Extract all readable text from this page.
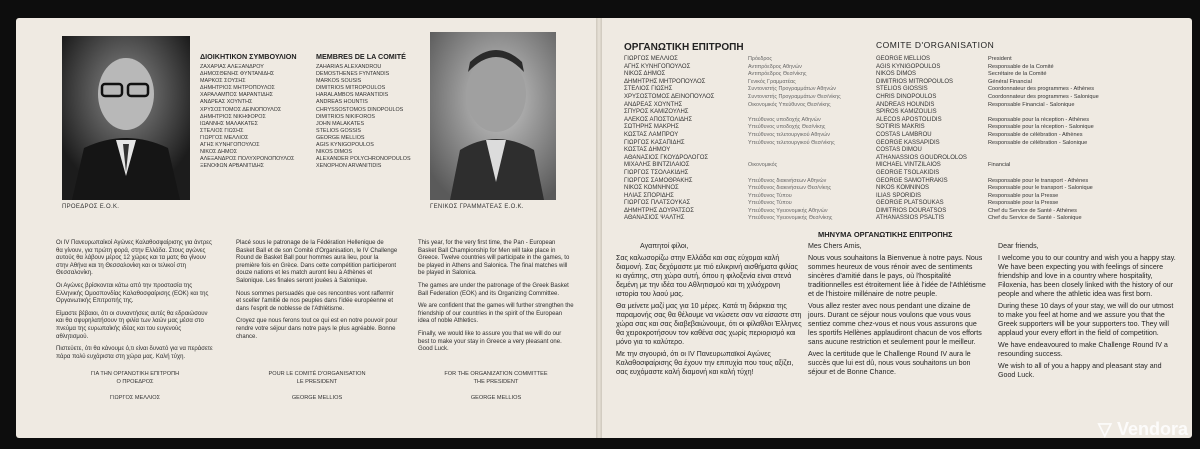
ΠΡΟΕΔΡΟΣ Ε.Ο.Κ.
ΔΙΟΙΚΗΤΙΚΟΝ ΣΥΜΒΟΥΛΙΟΝ
ΖΑΧΑΡΙΑΣ ΑΛΕΞΑΝΔΡΟΥ
ΔΗΜΟΣΘΕΝΗΣ ΦΥΝΤΑΝΙΔΗΣ
ΜΑΡΚΟΣ ΣΟΥΣΗΣ
ΔΗΜΗΤΡΙΟΣ ΜΗΤΡΟΠΟΥΛΟΣ
ΧΑΡΑΛΑΜΠΟΣ ΜΑΡΑΝΤΙΔΗΣ
ΑΝΔΡΕΑΣ ΧΟΥΝΤΗΣ
ΧΡΥΣΟΣΤΟΜΟΣ ΔΕΙΝΟΠΟΥΛΟΣ
ΔΗΜΗΤΡΙΟΣ ΝΙΚΗΦΟΡΟΣ
ΙΩΑΝΝΗΣ ΜΑΛΑΚΑΤΕΣ
ΣΤΕΛΙΟΣ ΓΙΩΣΗΣ
ΓΙΩΡΓΟΣ ΜΕΛΛΙΟΣ
ΑΓΗΣ ΚΥΝΗΓΟΠΟΥΛΟΣ
ΝΙΚΟΣ ΔΗΜΟΣ
ΑΛΕΞΑΝΔΡΟΣ ΠΟΛΥΧΡΟΝΟΠΟΥΛΟΣ
ΞΕΝΟΦΩΝ ΑΡΒΑΝΙΤΙΔΗΣ
MEMBRES DE LA COMITÉ
ZAHARIAS ALEXANDROU
DEMOSTHENES FYNTANDIS
MARKOS SOUSIS
DIMITRIOS MITROPOULOS
HARALAMBOS MARANTIDIS
ANDREAS HOUNTIS
CHRYSSOSTOMOS DINOPOULOS
DIMITRIOS NIKIFOROS
JOHN MALAKATES
STELIOS GOSSIS
GEORGE MELLIOS
AGIS KYNIGOPOULOS
NIKOS DIMOS
ALEXANDER POLYCHRONOPOULOS
XENOPHON ARVANITIDIS
ΓΕΝΙΚΟΣ ΓΡΑΜΜΑΤΕΑΣ Ε.Ο.Κ.

Οι IV Πανευρωπαϊκοί Αγώνες Καλαθοσφαίρισης για άντρες θα γίνουν, για πρώτη φορά, στην Ελλάδα. Στους αγώνες αυτούς θα λάβουν μέρος 12 χώρες και τα ματς θα γίνουν στην Αθήνα και τη Θεσσαλονίκη και οι τελικοί στη Θεσσαλονίκη.

Οι Αγώνες βρίσκονται κάτω από την προστασία της Ελληνικής Ομοσπονδίας Καλαθοσφαίρισης (ΕΟΚ) και της Οργανωτικής Επιτροπής της.

Είμαστε βέβαιοι, ότι οι συναντήσεις αυτές θα εδραιώσουν και θα σφυρηλατήσουν τη φιλία των λαών μας μέσα στο πνεύμα της ευρωπαϊκής ιδέας και του ευγενούς αθλητισμού.

Πιστεύετε, ότι θα κάνουμε ό,τι είναι δυνατό για να περάσετε πάρα πολύ ευχάριστα στη χώρα μας. Καλή τύχη.

Placé sous le patronage de la Fédération Hellenique de Basket Ball et de son Comité d'Organisation, le IV Challenge Round de Basket Ball pour hommes aura lieu, pour la première fois en Grèce. Dans cette compétition participeront douze nations et les match auront lieu à Athènes et Salonique. Les finales seront jouées à Salonique.

Nous sommes persuadés que ces rencontres vont raffermir et sceller l'amitié de nos peuples dans l'idée européenne et dans l'esprit de noblesse de l'Athlétisme.

Croyez que nous ferons tout ce qui est en notre pouvoir pour rendre votre séjour dans notre pays le plus agréable. Bonne chance.

This year, for the very first time, the Pan - European Basket Ball Championship for Men will take place in Greece. Twelve countries will participate in the games, to be played in Athens and Salonica. The final matches will be played in Salonica.

The games are under the patronage of the Greek Basket Ball Federation (EOK) and its Organizing Committee.

We are confident that the games will further strengthen the friendship of our countries in the spirit of the European idea of noble Athletics.

Finally, we would like to assure you that we will do our best to make your stay in Greece a very pleasant one. Good Luck.

ΓΙΑ ΤΗΝ ΟΡΓΑΝΩΤΙΚΗ ΕΠΙΤΡΟΠΗ
Ο ΠΡΟΕΔΡΟΣ
ΓΙΩΡΓΟΣ ΜΕΛΛΙΟΣ
POUR LE COMITÉ D'ORGANISATION
LE PRESIDENT
GEORGE MELLIOS
FOR THE ORGANIZATION COMMITTEE
THE PRESIDENT
GEORGE MELLIOS
ΟΡΓΑΝΩΤΙΚΗ ΕΠΙΤΡΟΠΗ	COMITE D'ORGANISATION
ΓΙΩΡΓΟΣ ΜΕΛΛΙΟΣ
ΑΓΗΣ ΚΥΝΗΓΟΠΟΥΛΟΣ
ΝΙΚΟΣ ΔΗΜΟΣ
ΔΗΜΗΤΡΗΣ ΜΗΤΡΟΠΟΥΛΟΣ
ΣΤΕΛΙΟΣ ΓΙΩΣΗΣ
ΧΡΥΣΟΣΤΟΜΟΣ ΔΕΙΝΟΠΟΥΛΟΣ
ΑΝΔΡΕΑΣ ΧΟΥΝΤΗΣ
ΣΠΥΡΟΣ ΚΑΜΙΖΟΥΛΗΣ
ΑΛΕΚΟΣ ΑΠΟΣΤΟΛΙΔΗΣ
ΣΩΤΗΡΗΣ ΜΑΚΡΗΣ
ΚΩΣΤΑΣ ΛΑΜΠΡΟΥ
ΓΙΩΡΓΟΣ ΚΑΣΑΠΙΔΗΣ
ΚΩΣΤΑΣ ΔΗΜΟΥ
ΑΘΑΝΑΣΙΟΣ ΓΚΟΥΔΡΟΛΟΓΟΣ
ΜΙΧΑΛΗΣ ΒΙΝΤΖΙΛΑΙΟΣ
ΓΙΩΡΓΟΣ ΤΣΟΛΑΚΙΔΗΣ
ΓΙΩΡΓΟΣ ΣΑΜΟΘΡΑΚΗΣ
ΝΙΚΟΣ ΚΟΜΝΗΝΟΣ
ΗΛΙΑΣ ΣΠΟΡΙΔΗΣ
ΓΙΩΡΓΟΣ ΠΛΑΤΣΟΥΚΑΣ
ΔΗΜΗΤΡΗΣ ΔΟΥΡΑΤΣΟΣ
ΑΘΑΝΑΣΙΟΣ ΨΑΛΤΗΣ
Πρόεδρος
Αντιπρόεδρος Αθηνών
Αντιπρόεδρος Θεσ/νίκης
Γενικός Γραμματέας
Συντονιστής Προγραμμάτων Αθηνών
Συντονιστής Προγραμμάτων Θεσ/νίκης
Οικονομικός Υπεύθυνος Θεσ/νίκης
Υπεύθυνος υποδοχής Αθηνών
Υπεύθυνος υποδοχής Θεσ/νίκης
Υπεύθυνος τελετουργικού Αθηνών
Υπεύθυνος τελετουργικού Θεσ/νίκης
Οικονομικός
Υπεύθυνος διακινήσεων Αθηνών
Υπεύθυνος διακινήσεων Θεσ/νίκης
Υπεύθυνος Τύπου
Υπεύθυνος Τύπου
Υπεύθυνος Υγειονομικής Αθηνών
Υπεύθυνος Υγειονομικής Θεσ/νίκης
GEORGE MELLIOS
AGIS KYNIGOPOULOS
NIKOS DIMOS
DIMITRIOS MITROPOULOS
STELIOS GIOSSIS
CHRIS DINOPOULOS
ANDREAS HOUNDIS
SPIROS KAMIZOULIS
ALECOS APOSTOLIDIS
SOTIRIS MAKRIS
COSTAS LAMBROU
GEORGE KASSAPIDIS
COSTAS DIMOU
ATHANASSIOS GOUDROLOLOS
MICHAEL VINTZILAIOS
GEORGE TSOLAKIDIS
GEORGE SAMOTHRAKIS
NIKOS KOMNINOS
ILIAS SPORIDIS
GEORGE PLATSOUKAS
DIMITRIOS DOURATSOS
ATHANASSIOS PSALTIS
President
Responsable de la Comité
Secrétaire de la Comité
Général Financial
Coordonnateur des programmes - Athènes
Coordonnateur des programmes - Salonique
Responsable Financial - Salonique
Responsable pour la réception - Athènes
Responsable pour la réception - Salonique
Responsable de célébration - Athènes
Responsable de célébration - Salonique
Financial
Responsable pour le transport - Athènes
Responsable pour le transport - Salonique
Responsable pour la Presse
Responsable pour la Presse
Chef du Service de Santé - Athènes
Chef du Service de Santé - Salonique
ΜΗΝΥΜΑ ΟΡΓΑΝΩΤΙΚΗΣ ΕΠΙΤΡΟΠΗΣ

Αγαπητοί φίλοι,

Σας καλωσορίζω στην Ελλάδα και σας εύχομαι καλή διαμονή. Σας δεχόμαστε με πιό ειλικρινή αισθήματα φιλίας κι αγάπης, στη χώρα αυτή, όπου η φιλοξενία είναι στενά δεμένη με την ιδέα του Αθλητισμού και τη χιλιόχρονη ιστορία του λαού μας.

Θα μείνετε μαζί μας για 10 μέρες. Κατά τη διάρκεια της παραμονής σας θα θέλουμε να νιώσετε σαν να είσαστε στη χώρα σας και σας διαβεβαιώνουμε, ότι οι φίλαθλοι Έλληνες θα χειροκροτήσουν τον καθένα σας χωρίς περιορισμό και μόνο για το καλύτερο.

Με την σιγουριά, ότι οι IV Πανευρωπαϊκοί Αγώνες Καλαθοσφαίρισης θα έχουν την επιτυχία που τους αξίζει, σας ευχόμαστε καλή διαμονή και καλή τύχη!

Mes Chers Amis,

Nous vous souhaitons la Bienvenue à notre pays. Nous sommes heureux de vous rénoir avec de sentiments sincères d'amitié dans le pays, où l'hospitalité traditionnelles est étroitement liée à l'idée de l'Athlétisme et de l'histoire millénaire de notre peuple.

Vous allez rester avec nous pendant une dizaine de jours. Durant ce séjour nous voulons que vous vous sentiez comme chez-vous et nous vous assurons que les sportifs Hellènes applaudiront chacun de vos efforts sans aucune restriction et seulement pour le meilleur.

Avec la certitude que le Challenge Round IV aura le succès que lui est dû, nous vous souhaitons un bon séjour et de Bonne Chance.

Dear friends,

I welcome you to our country and wish you a happy stay. We have been expecting you with feelings of sincere friendship and love in a country where hospitality, Filoxenia, has been closely linked with the history of our people and where the athletic idea was first born.

During these 10 days of your stay, we will do our utmost to make you feel at home and we assure you that the Greek supporters will be your supporters too. They will applaud your every effort in the field of competition.

We have endeavoured to make Challenge Round IV a resounding success.

We wish to all of you a happy and pleasant stay and Good Luck.

▽ Vendora
